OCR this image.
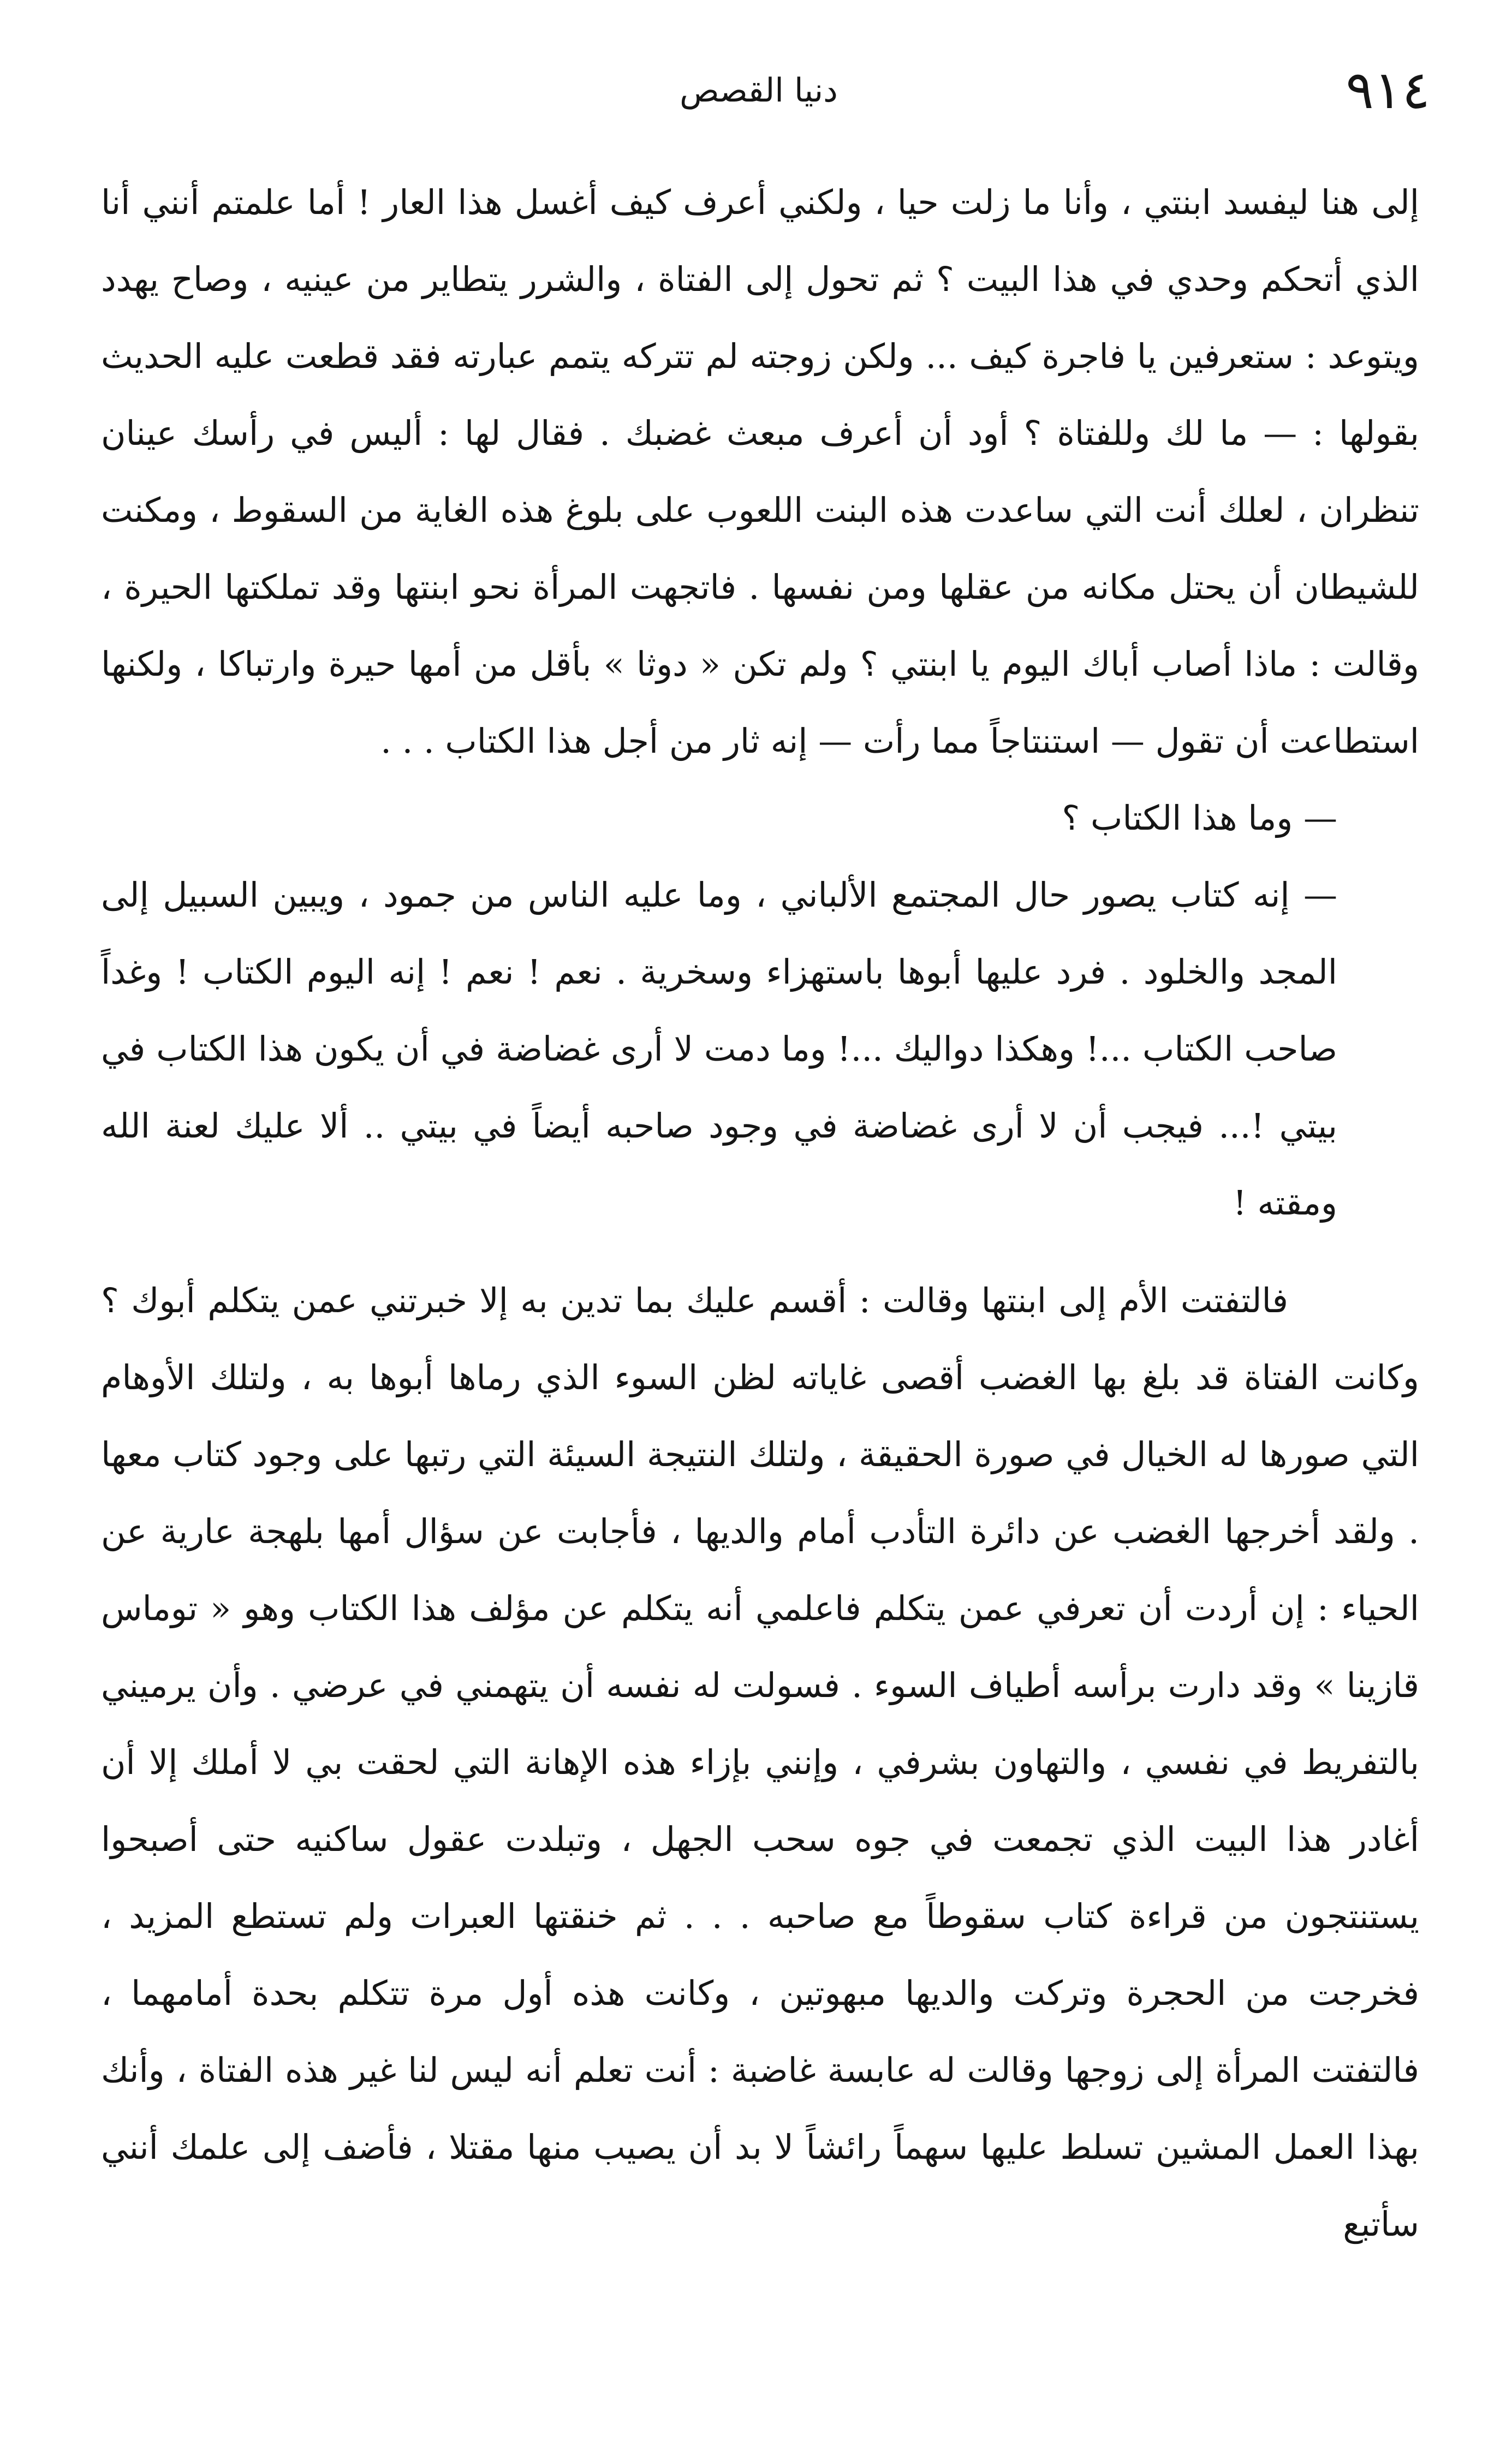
٩١٤
دنيا القصص

إلى هنا ليفسد ابنتي ، وأنا ما زلت حيا ، ولكني أعرف كيف أغسل هذا العار ! أما علمتم أنني أنا الذي أتحكم وحدي في هذا البيت ؟ ثم تحول إلى الفتاة ، والشرر يتطاير من عينيه ، وصاح يهدد ويتوعد : ستعرفين يا فاجرة كيف ... ولكن زوجته لم تتركه يتمم عبارته فقد قطعت عليه الحديث بقولها : — ما لك وللفتاة ؟ أود أن أعرف مبعث غضبك . فقال لها : أليس في رأسك عينان تنظران ، لعلك أنت التي ساعدت هذه البنت اللعوب على بلوغ هذه الغاية من السقوط ، ومكنت للشيطان أن يحتل مكانه من عقلها ومن نفسها . فاتجهت المرأة نحو ابنتها وقد تملكتها الحيرة ، وقالت : ماذا أصاب أباك اليوم يا ابنتي ؟ ولم تكن « دوثا » بأقل من أمها حيرة وارتباكا ، ولكنها استطاعت أن تقول — استنتاجاً مما رأت — إنه ثار من أجل هذا الكتاب . . .

— وما هذا الكتاب ؟

— إنه كتاب يصور حال المجتمع الألباني ، وما عليه الناس من جمود ، ويبين السبيل إلى المجد والخلود . فرد عليها أبوها باستهزاء وسخرية . نعم ! نعم ! إنه اليوم الكتاب ! وغداً صاحب الكتاب ...! وهكذا دواليك ...! وما دمت لا أرى غضاضة في أن يكون هذا الكتاب في بيتي !... فيجب أن لا أرى غضاضة في وجود صاحبه أيضاً في بيتي .. ألا عليك لعنة الله ومقته !

فالتفتت الأم إلى ابنتها وقالت : أقسم عليك بما تدين به إلا خبرتني عمن يتكلم أبوك ؟ وكانت الفتاة قد بلغ بها الغضب أقصى غاياته لظن السوء الذي رماها أبوها به ، ولتلك الأوهام التي صورها له الخيال في صورة الحقيقة ، ولتلك النتيجة السيئة التي رتبها على وجود كتاب معها . ولقد أخرجها الغضب عن دائرة التأدب أمام والديها ، فأجابت عن سؤال أمها بلهجة عارية عن الحياء : إن أردت أن تعرفي عمن يتكلم فاعلمي أنه يتكلم عن مؤلف هذا الكتاب وهو « توماس قازينا » وقد دارت برأسه أطياف السوء . فسولت له نفسه أن يتهمني في عرضي . وأن يرميني بالتفريط في نفسي ، والتهاون بشرفي ، وإنني بإزاء هذه الإهانة التي لحقت بي لا أملك إلا أن أغادر هذا البيت الذي تجمعت في جوه سحب الجهل ، وتبلدت عقول ساكنيه حتى أصبحوا يستنتجون من قراءة كتاب سقوطاً مع صاحبه . . . ثم خنقتها العبرات ولم تستطع المزيد ، فخرجت من الحجرة وتركت والديها مبهوتين ، وكانت هذه أول مرة تتكلم بحدة أمامهما ، فالتفتت المرأة إلى زوجها وقالت له عابسة غاضبة : أنت تعلم أنه ليس لنا غير هذه الفتاة ، وأنك بهذا العمل المشين تسلط عليها سهماً رائشاً لا بد أن يصيب منها مقتلا ، فأضف إلى علمك أنني سأتبع
